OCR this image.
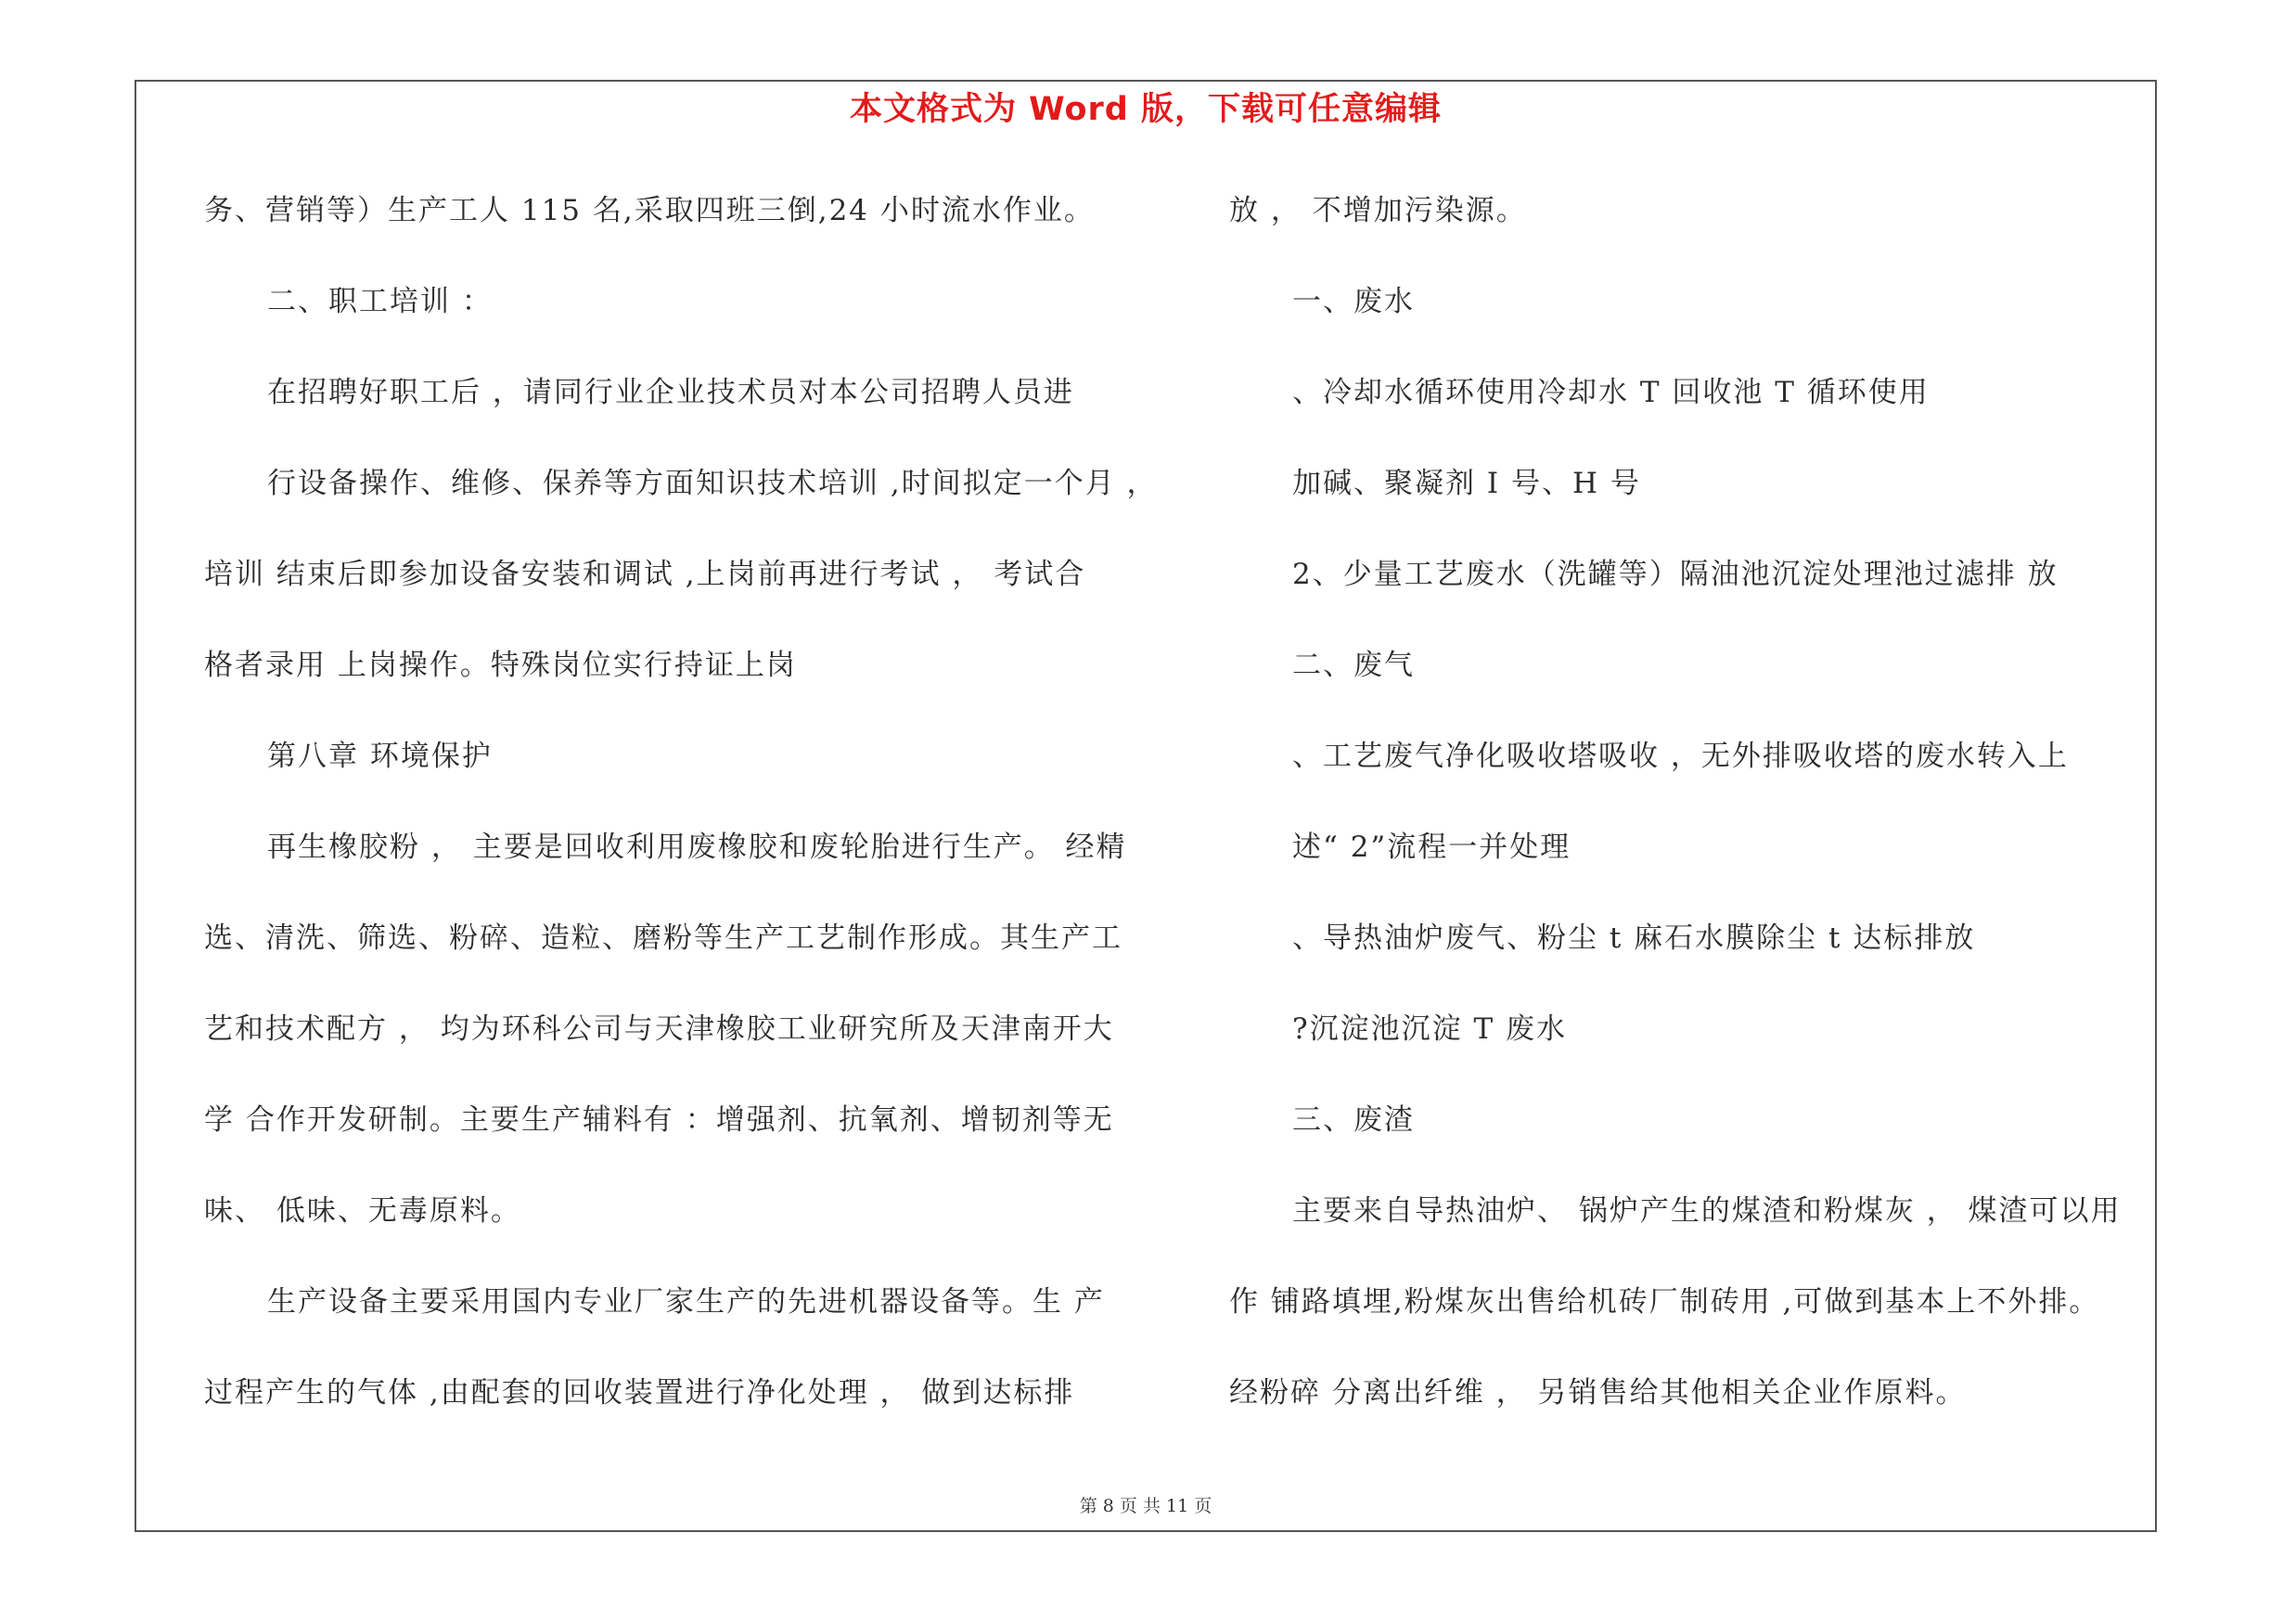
本文格式为 Word 版，下载可任意编辑
务、营销等）生产工人 115 名,采取四班三倒,24 小时流水作业。
二、职工培训 ：
在招聘好职工后 ，请同行业企业技术员对本公司招聘人员进
行设备操作、维修、保养等方面知识技术培训 ,时间拟定一个月 ，
培训 结束后即参加设备安装和调试 ,上岗前再进行考试 ， 考试合
格者录用 上岗操作。特殊岗位实行持证上岗
第八章 环境保护
再生橡胶粉 ， 主要是回收利用废橡胶和废轮胎进行生产。 经精
选、清洗、筛选、粉碎、造粒、磨粉等生产工艺制作形成。其生产工
艺和技术配方 ， 均为环科公司与天津橡胶工业研究所及天津南开大
学 合作开发研制。主要生产辅料有 ：增强剂、抗氧剂、增韧剂等无
味、 低味、无毒原料。
生产设备主要采用国内专业厂家生产的先进机器设备等。生 产
过程产生的气体 ,由配套的回收装置进行净化处理 ， 做到达标排
放 ， 不增加污染源。
一、废水
、冷却水循环使用冷却水 T 回收池 T 循环使用
加碱、聚凝剂 I 号、H 号
2、少量工艺废水（洗罐等）隔油池沉淀处理池过滤排 放
二、废气
、工艺废气净化吸收塔吸收 ，无外排吸收塔的废水转入上
述“ 2”流程一并处理
、导热油炉废气、粉尘 t 麻石水膜除尘 t 达标排放
?沉淀池沉淀 T 废水
三、废渣
主要来自导热油炉、 锅炉产生的煤渣和粉煤灰 ， 煤渣可以用
作 铺路填埋,粉煤灰出售给机砖厂制砖用 ,可做到基本上不外排。
经粉碎 分离出纤维 ， 另销售给其他相关企业作原料。
第 8 页 共 11 页
